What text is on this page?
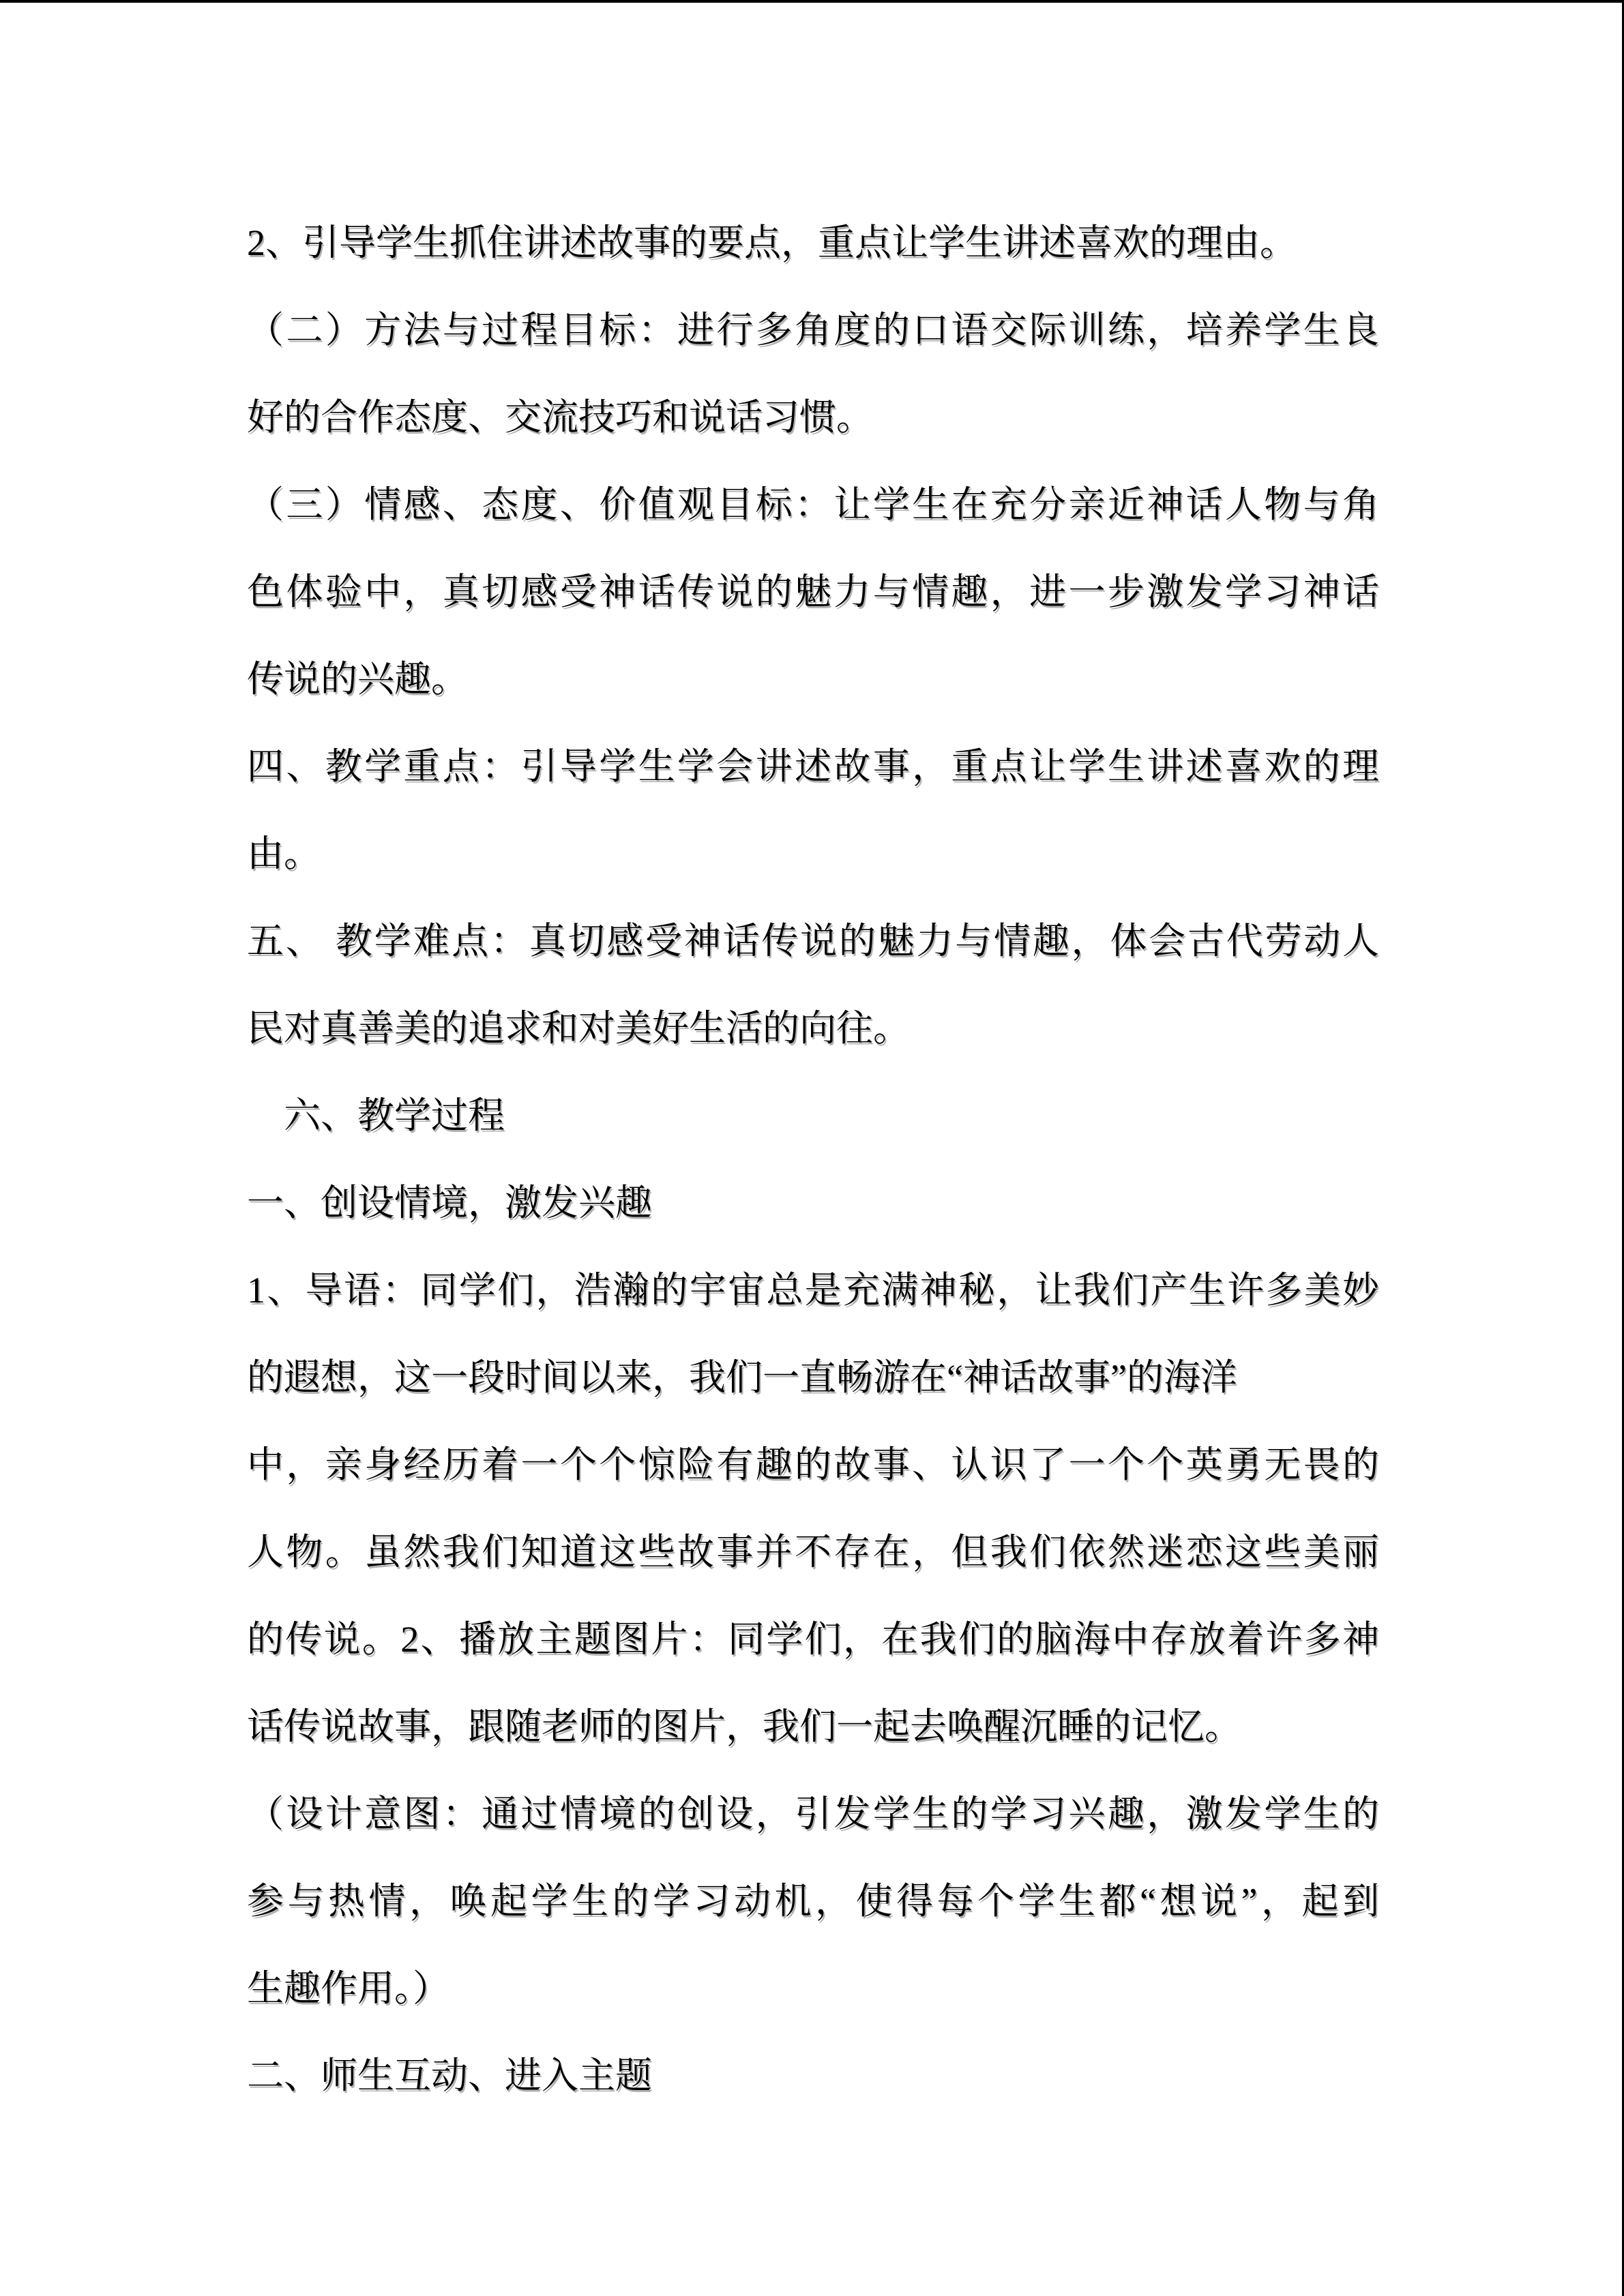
2、引导学生抓住讲述故事的要点，重点让学生讲述喜欢的理由。
（二）方法与过程目标：进行多角度的口语交际训练，培养学生良
好的合作态度、交流技巧和说话习惯。
（三）情感、态度、价值观目标：让学生在充分亲近神话人物与角
色体验中，真切感受神话传说的魅力与情趣，进一步激发学习神话
传说的兴趣。
四、教学重点：引导学生学会讲述故事，重点让学生讲述喜欢的理
由。
五、 教学难点：真切感受神话传说的魅力与情趣，体会古代劳动人
民对真善美的追求和对美好生活的向往。
　六、教学过程
一、创设情境，激发兴趣
1、导语：同学们，浩瀚的宇宙总是充满神秘，让我们产生许多美妙
的遐想，这一段时间以来，我们一直畅游在“神话故事”的海洋
中，亲身经历着一个个惊险有趣的故事、认识了一个个英勇无畏的
人物。虽然我们知道这些故事并不存在，但我们依然迷恋这些美丽
的传说。2、播放主题图片：同学们，在我们的脑海中存放着许多神
话传说故事，跟随老师的图片，我们一起去唤醒沉睡的记忆。
（设计意图：通过情境的创设，引发学生的学习兴趣，激发学生的
参与热情，唤起学生的学习动机，使得每个学生都“想说”，起到
生趣作用。）
二、师生互动、进入主题
